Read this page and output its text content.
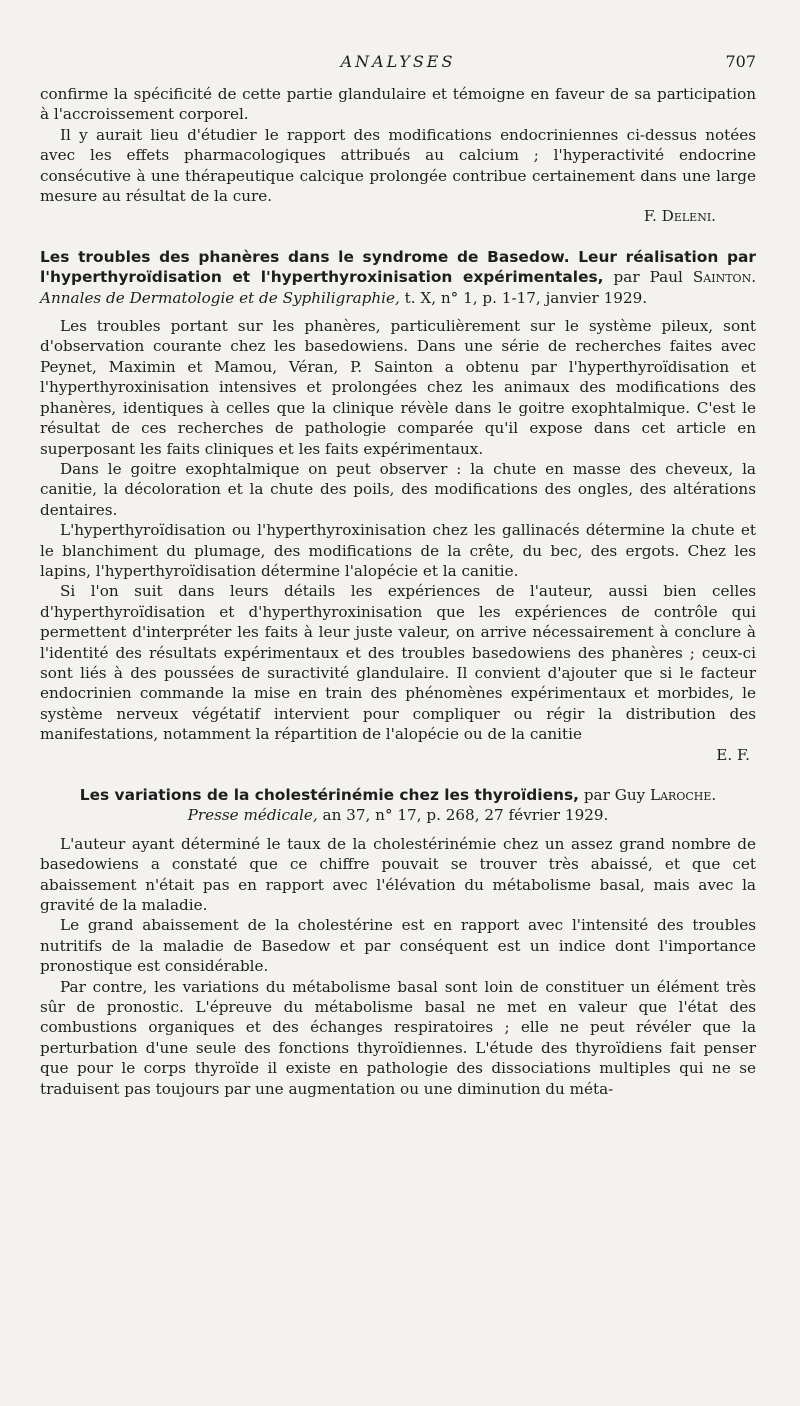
ANALYSES	707

confirme la spécificité de cette partie glandulaire et témoigne en faveur de sa participation à l'accroissement corporel.

Il y aurait lieu d'étudier le rapport des modifications endocriniennes ci-dessus notées avec les effets pharmacologiques attribués au calcium ; l'hyperactivité endocrine consécutive à une thérapeutique calcique prolongée contribue certainement dans une large mesure au résultat de la cure.

F. Deleni.
Les troubles des phanères dans le syndrome de Basedow. Leur réalisation par l'hyperthyroïdisation et l'hyperthyroxinisation expérimentales, par Paul Sainton. Annales de Dermatologie et de Syphiligraphie, t. X, n° 1, p. 1-17, janvier 1929.

Les troubles portant sur les phanères, particulièrement sur le système pileux, sont d'observation courante chez les basedowiens. Dans une série de recherches faites avec Peynet, Maximin et Mamou, Véran, P. Sainton a obtenu par l'hyperthyroïdisation et l'hyperthyroxinisation intensives et prolongées chez les animaux des modifications des phanères, identiques à celles que la clinique révèle dans le goitre exophtalmique. C'est le résultat de ces recherches de pathologie comparée qu'il expose dans cet article en superposant les faits cliniques et les faits expérimentaux.

Dans le goitre exophtalmique on peut observer : la chute en masse des cheveux, la canitie, la décoloration et la chute des poils, des modifications des ongles, des altérations dentaires.

L'hyperthyroïdisation ou l'hyperthyroxinisation chez les gallinacés détermine la chute et le blanchiment du plumage, des modifications de la crête, du bec, des ergots. Chez les lapins, l'hyperthyroïdisation détermine l'alopécie et la canitie.

Si l'on suit dans leurs détails les expériences de l'auteur, aussi bien celles d'hyperthyroïdisation et d'hyperthyroxinisation que les expériences de contrôle qui permettent d'interpréter les faits à leur juste valeur, on arrive nécessairement à conclure à l'identité des résultats expérimentaux et des troubles basedowiens des phanères ; ceux-ci sont liés à des poussées de suractivité glandulaire. Il convient d'ajouter que si le facteur endocrinien commande la mise en train des phénomènes expérimentaux et morbides, le système nerveux végétatif intervient pour compliquer ou régir la distribution des manifestations, notamment la répartition de l'alopécie ou de la canitie

E. F.
Les variations de la cholestérinémie chez les thyroïdiens, par Guy Laroche.
Presse médicale, an 37, n° 17, p. 268, 27 février 1929.

L'auteur ayant déterminé le taux de la cholestérinémie chez un assez grand nombre de basedowiens a constaté que ce chiffre pouvait se trouver très abaissé, et que cet abaissement n'était pas en rapport avec l'élévation du métabolisme basal, mais avec la gravité de la maladie.

Le grand abaissement de la cholestérine est en rapport avec l'intensité des troubles nutritifs de la maladie de Basedow et par conséquent est un indice dont l'importance pronostique est considérable.

Par contre, les variations du métabolisme basal sont loin de constituer un élément très sûr de pronostic. L'épreuve du métabolisme basal ne met en valeur que l'état des combustions organiques et des échanges respiratoires ; elle ne peut révéler que la perturbation d'une seule des fonctions thyroïdiennes. L'étude des thyroïdiens fait penser que pour le corps thyroïde il existe en pathologie des dissociations multiples qui ne se traduisent pas toujours par une augmentation ou une diminution du méta-
